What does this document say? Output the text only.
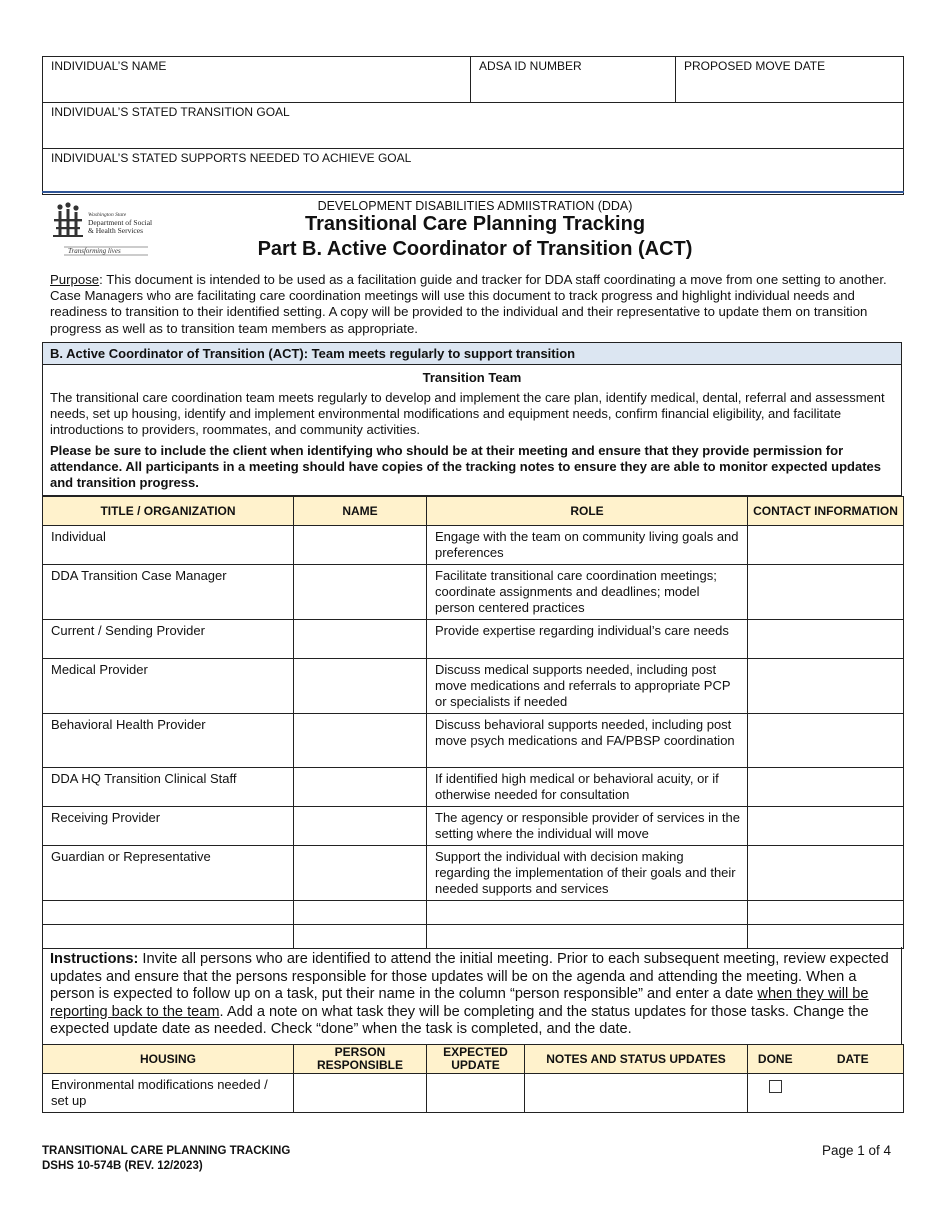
INDIVIDUAL’S NAME	ADSA ID NUMBER	PROPOSED MOVE DATE
INDIVIDUAL’S STATED TRANSITION GOAL
INDIVIDUAL’S STATED SUPPORTS NEEDED TO ACHIEVE GOAL
Washington State
Department of Social
& Health Services
Transforming lives
DEVELOPMENT DISABILITIES ADMIISTRATION (DDA)
Transitional Care Planning Tracking
Part B. Active Coordinator of Transition (ACT)
Purpose: This document is intended to be used as a facilitation guide and tracker for DDA staff coordinating a move from one setting to another. Case Managers who are facilitating care coordination meetings will use this document to track progress and highlight individual needs and readiness to transition to their identified setting. A copy will be provided to the individual and their representative to update them on transition progress as well as to transition team members as appropriate.
B. Active Coordinator of Transition (ACT): Team meets regularly to support transition
Transition Team
The transitional care coordination team meets regularly to develop and implement the care plan, identify medical, dental, referral and assessment needs, set up housing, identify and implement environmental modifications and equipment needs, confirm financial eligibility, and facilitate introductions to providers, roommates, and community activities.
Please be sure to include the client when identifying who should be at their meeting and ensure that they provide permission for attendance. All participants in a meeting should have copies of the tracking notes to ensure they are able to monitor expected updates and transition progress.
TITLE / ORGANIZATION	NAME	ROLE	CONTACT INFORMATION
Individual		Engage with the team on community living goals and preferences	
DDA Transition Case Manager		Facilitate transitional care coordination meetings; coordinate assignments and deadlines; model person centered practices	
Current / Sending Provider		Provide expertise regarding individual’s care needs	
Medical Provider		Discuss medical supports needed, including post move medications and referrals to appropriate PCP or specialists if needed	
Behavioral Health Provider		Discuss behavioral supports needed, including post move psych medications and FA/PBSP coordination	
DDA HQ Transition Clinical Staff		If identified high medical or behavioral acuity, or if otherwise needed for consultation	
Receiving Provider		The agency or responsible provider of services in the setting where the individual will move	
Guardian or Representative		Support the individual with decision making regarding the implementation of their goals and their needed supports and services	

Instructions: Invite all persons who are identified to attend the initial meeting. Prior to each subsequent meeting, review expected updates and ensure that the persons responsible for those updates will be on the agenda and attending the meeting. When a person is expected to follow up on a task, put their name in the column “person responsible” and enter a date when they will be reporting back to the team. Add a note on what task they will be completing and the status updates for those tasks. Change the expected update date as needed. Check “done” when the task is completed, and the date.
HOUSING	PERSON RESPONSIBLE	EXPECTED UPDATE	NOTES AND STATUS UPDATES	DONE	DATE
Environmental modifications needed / set up					
TRANSITIONAL CARE PLANNING TRACKING
DSHS 10-574B (REV. 12/2023)
Page 1 of 4
